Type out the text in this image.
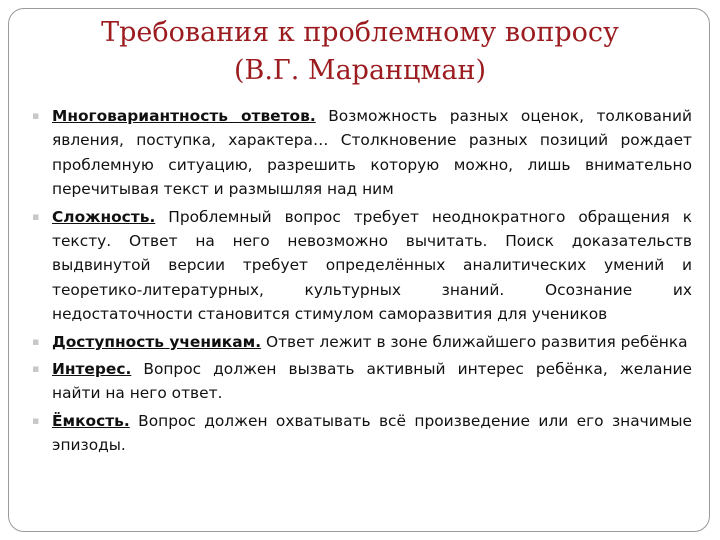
Требования к проблемному вопросу
(В.Г. Маранцман)
▪ Многовариантность ответов. Возможность разных оценок, толкований явления, поступка, характера… Столкновение разных позиций рождает проблемную ситуацию, разрешить которую можно, лишь внимательно перечитывая текст и размышляя над ним
▪ Сложность. Проблемный вопрос требует неоднократного обращения к тексту. Ответ на него невозможно вычитать. Поиск доказательств выдвинутой версии требует определённых аналитических умений и теоретико-литературных, культурных знаний. Осознание их недостаточности становится стимулом саморазвития для учеников
▪ Доступность ученикам. Ответ лежит в зоне ближайшего развития ребёнка
▪ Интерес. Вопрос должен вызвать активный интерес ребёнка, желание найти на него ответ.
▪ Ёмкость. Вопрос должен охватывать всё произведение или его значимые эпизоды.
